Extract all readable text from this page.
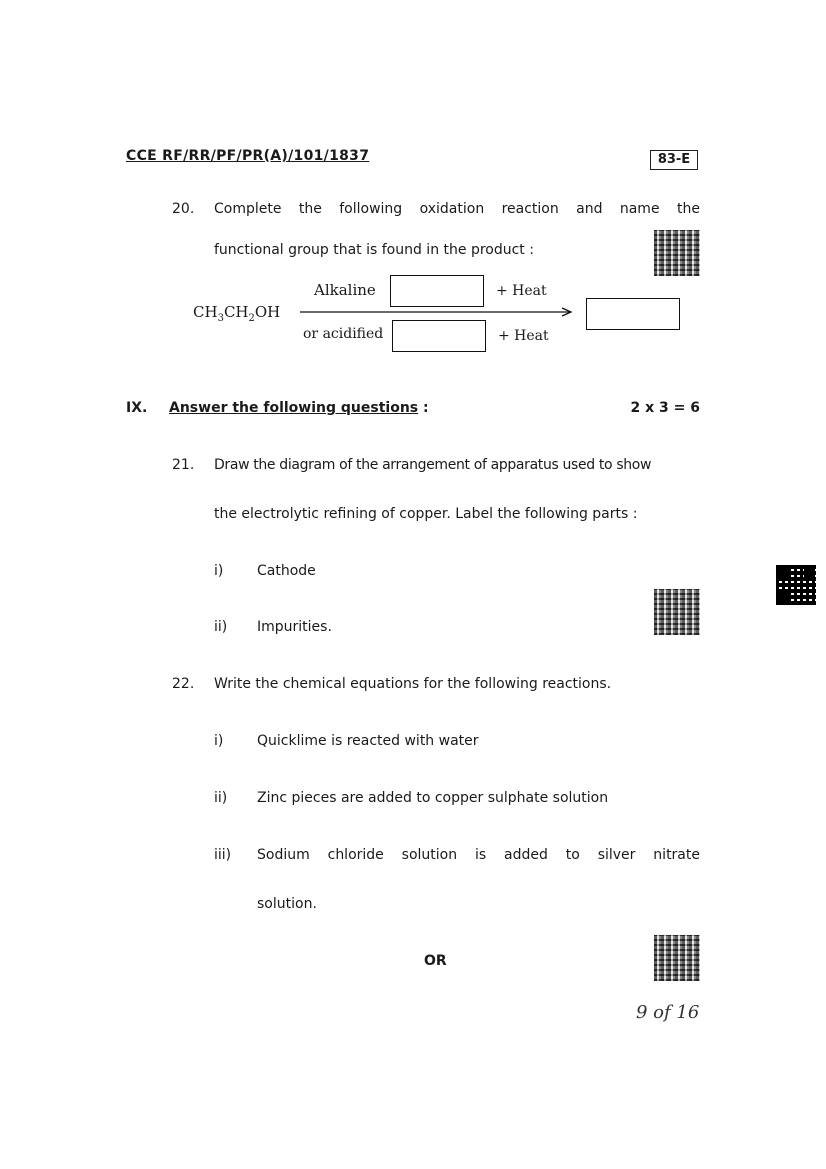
CCE RF/RR/PF/PR(A)/101/1837	83-E
20. Complete the following oxidation reaction and name the
functional group that is found in the product :
$CH_3CH_2OH$
Alkaline	+ Heat
or acidified	+ Heat
IX. Answer the following questions :	2 x 3 = 6
21. Draw the diagram of the arrangement of apparatus used to show
the electrolytic refining of copper. Label the following parts :
i) Cathode
ii) Impurities.
22. Write the chemical equations for the following reactions.
i) Quicklime is reacted with water
ii) Zinc pieces are added to copper sulphate solution
iii) Sodium chloride solution is added to silver nitrate
solution.
OR
9 of 16
